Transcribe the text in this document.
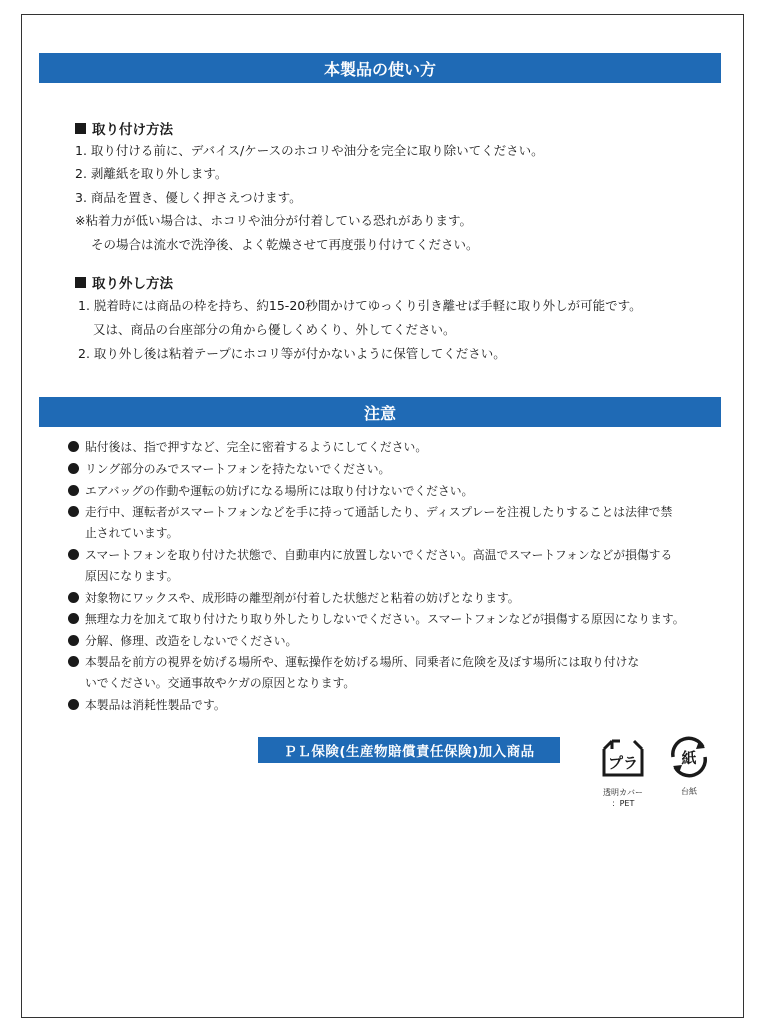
本製品の使い方
取り付け方法
1. 取り付ける前に、デバイス/ケースのホコリや油分を完全に取り除いてください。
2. 剥離紙を取り外します。
3. 商品を置き、優しく押さえつけます。
※粘着力が低い場合は、ホコリや油分が付着している恐れがあります。
その場合は流水で洗浄後、よく乾燥させて再度張り付けてください。
取り外し方法
1. 脱着時には商品の枠を持ち、約15-20秒間かけてゆっくり引き離せば手軽に取り外しが可能です。
又は、商品の台座部分の角から優しくめくり、外してください。
2. 取り外し後は粘着テープにホコリ等が付かないように保管してください。
注意
貼付後は、指で押すなど、完全に密着するようにしてください。
リング部分のみでスマートフォンを持たないでください。
エアバッグの作動や運転の妨げになる場所には取り付けないでください。
走行中、運転者がスマートフォンなどを手に持って通話したり、ディスプレーを注視したりすることは法律で禁
止されています。
スマートフォンを取り付けた状態で、自動車内に放置しないでください。高温でスマートフォンなどが損傷する
原因になります。
対象物にワックスや、成形時の離型剤が付着した状態だと粘着の妨げとなります。
無理な力を加えて取り付けたり取り外したりしないでください。スマートフォンなどが損傷する原因になります。
分解、修理、改造をしないでください。
本製品を前方の視界を妨げる場所や、運転操作を妨げる場所、同乗者に危険を及ぼす場所には取り付けな
いでください。交通事故やケガの原因となります。
本製品は消耗性製品です。
ＰＬ保険(生産物賠償責任保険)加入商品
プラ
透明カバー
：PET
紙
台紙
